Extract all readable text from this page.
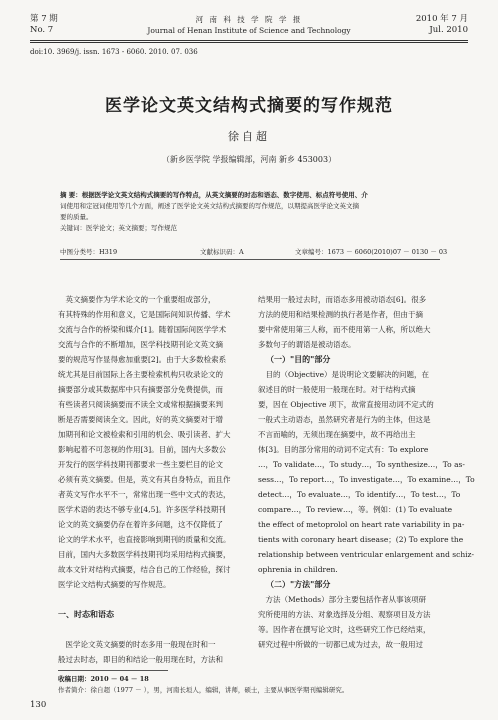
第 7 期
No. 7
河 南 科 技 学 院 学 报
Journal of Henan Institute of Science and Technology
2010 年 7 月
Jul. 2010
doi:10. 3969/j. issn. 1673 - 6060. 2010. 07. 036
医学论文英文结构式摘要的写作规范
徐自超
（新乡医学院 学报编辑部，河南 新乡 453003）
摘 要：根据医学论文英文结构式摘要的写作特点，从英文摘要的时态和语态、数字使用、标点符号使用、介
词使用和定冠词使用等几个方面，阐述了医学论文英文结构式摘要的写作规范，以期提高医学论文英文摘
要的质量。
关键词：医学论文；英文摘要；写作规范
中图分类号：H319	文献标识码：A	文章编号：1673 － 6060(2010)07 － 0130 － 03
英文摘要作为学术论文的一个重要组成部分，
有其特殊的作用和意义，它是国际间知识传播、学术
交流与合作的桥梁和媒介[1]。随着国际间医学学术
交流与合作的不断增加，医学科技期刊论文英文摘
要的规范写作显得愈加重要[2]。由于大多数检索系
统尤其是目前国际上各主要检索机构只收录论文的
摘要部分或其数据库中只有摘要部分免费提供，而
有些读者只阅读摘要而不读全文或常根据摘要来判
断是否需要阅读全文。因此，好的英文摘要对于增
加期刊和论文被检索和引用的机会、吸引读者、扩大
影响起着不可忽视的作用[3]。目前，国内大多数公
开发行的医学科技期刊都要求一些主要栏目的论文
必须有英文摘要。但是，英文有其自身特点，而且作
者英文写作水平不一，常常出现一些中文式的表达，
医学术语的表达不够专业[4,5]。许多医学科技期刊
论文的英文摘要仍存在着许多问题，这不仅降低了
论文的学术水平，也直接影响到期刊的质量和交流。
目前，国内大多数医学科技期刊均采用结构式摘要，
故本文针对结构式摘要，结合自己的工作经验，探讨
医学论文结构式摘要的写作规范。
一、时态和语态
医学论文英文摘要的时态多用一般现在时和一
般过去时态，即目的和结论一般用现在时，方法和
结果用一般过去时，而语态多用被动语态[6]。很多
方法的使用和结果检测的执行者是作者，但由于摘
要中常使用第三人称，而不使用第一人称，所以绝大
多数句子的谓语是被动语态。
（一）"目的"部分
目的（Objective）是说明论文要解决的问题，在
叙述目的时一般使用一般现在时。对于结构式摘
要，因在 Objective 项下，故常直接用动词不定式的
一般式主动语态，虽然研究者是行为的主体，但这是
不言而喻的，无须出现在摘要中，故不再给出主
体[3]。目的部分常用的动词不定式有：To explore
…，To validate…，To study…，To synthesize…，To as-
sess…，To report…，To investigate…，To examine…，To
detect…，To evaluate…，To identify…，To test…，To
compare…，To review…，等。例如：(1) To evaluate
the effect of metoprolol on heart rate variability in pa-
tients with coronary heart disease；(2) To explore the
relationship between ventricular enlargement and schiz-
ophrenia in children.
（二）"方法"部分
方法（Methods）部分主要包括作者从事该项研
究所使用的方法、对象选择及分组、观察项目及方法
等。因作者在撰写论文时，这些研究工作已经结束，
研究过程中所做的一切都已成为过去，故一般用过
收稿日期：2010 － 04 － 18
作者简介：徐自超（1977 － ），男，河南长垣人，编辑，讲师，硕士，主要从事医学期刊编辑研究。
130
